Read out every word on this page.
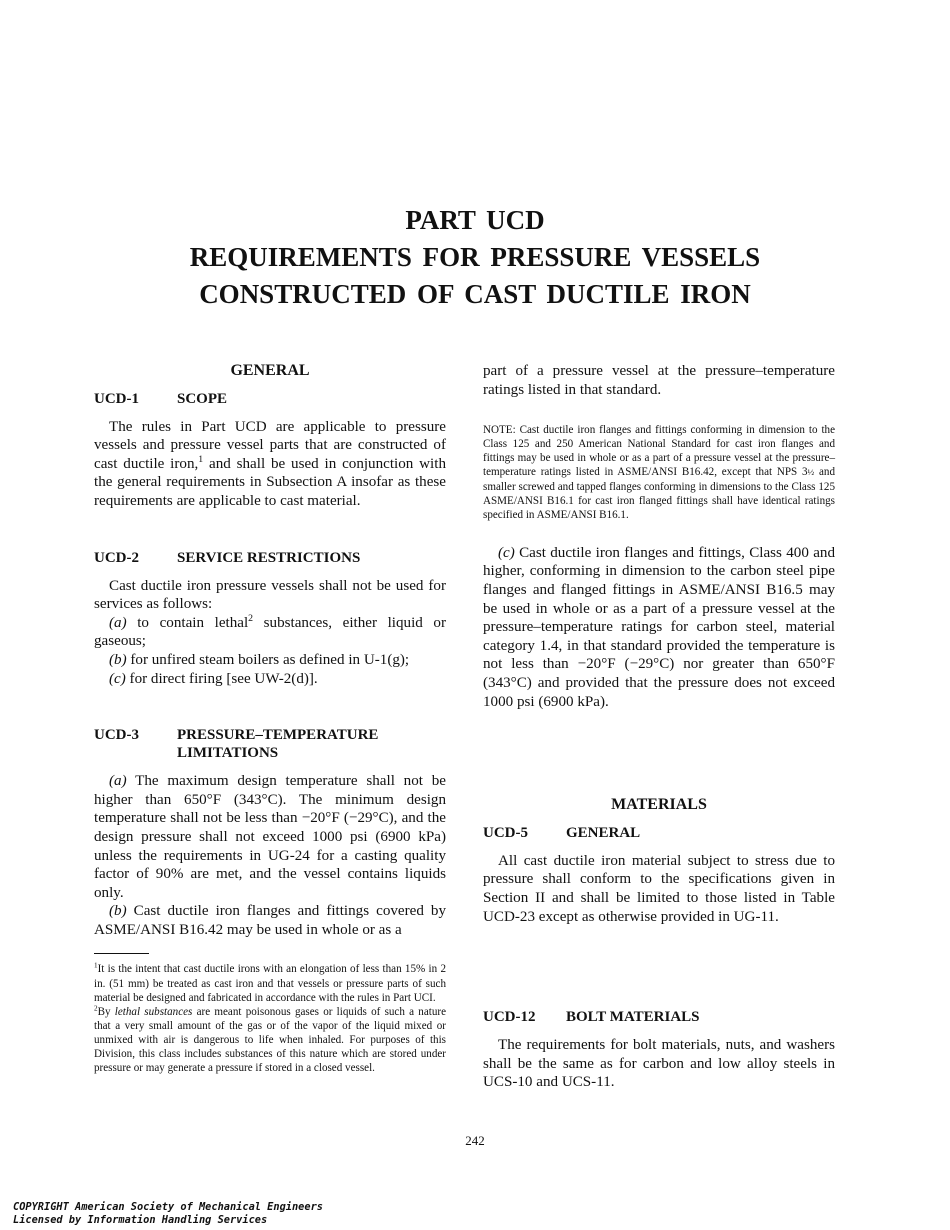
PART UCD
REQUIREMENTS FOR PRESSURE VESSELS
CONSTRUCTED OF CAST DUCTILE IRON
GENERAL
UCD-1	SCOPE

The rules in Part UCD are applicable to pressure vessels and pressure vessel parts that are constructed of cast ductile iron,$^1$ and shall be used in conjunction with the general requirements in Subsection A insofar as these requirements are applicable to cast material.

UCD-2	SERVICE RESTRICTIONS

Cast ductile iron pressure vessels shall not be used for services as follows:

(a) to contain lethal$^2$ substances, either liquid or gaseous;

(b) for unfired steam boilers as defined in U-1(g);

(c) for direct firing [see UW-2(d)].

UCD-3	PRESSURE–TEMPERATURE
LIMITATIONS

(a) The maximum design temperature shall not be higher than 650°F (343°C). The minimum design temperature shall not be less than −20°F (−29°C), and the design pressure shall not exceed 1000 psi (6900 kPa) unless the requirements in UG-24 for a casting quality factor of 90% are met, and the vessel contains liquids only.

(b) Cast ductile iron flanges and fittings covered by ASME/ANSI B16.42 may be used in whole or as a

$^1$It is the intent that cast ductile irons with an elongation of less than 15% in 2 in. (51 mm) be treated as cast iron and that vessels or pressure parts of such material be designed and fabricated in accordance with the rules in Part UCI.

$^2$By lethal substances are meant poisonous gases or liquids of such a nature that a very small amount of the gas or of the vapor of the liquid mixed or unmixed with air is dangerous to life when inhaled. For purposes of this Division, this class includes substances of this nature which are stored under pressure or may generate a pressure if stored in a closed vessel.

part of a pressure vessel at the pressure–temperature ratings listed in that standard.

NOTE: Cast ductile iron flanges and fittings conforming in dimension to the Class 125 and 250 American National Standard for cast iron flanges and fittings may be used in whole or as a part of a pressure vessel at the pressure–temperature ratings listed in ASME/ANSI B16.42, except that NPS 3½ and smaller screwed and tapped flanges conforming in dimensions to the Class 125 ASME/ANSI B16.1 for cast iron flanged fittings shall have identical ratings specified in ASME/ANSI B16.1.

(c) Cast ductile iron flanges and fittings, Class 400 and higher, conforming in dimension to the carbon steel pipe flanges and flanged fittings in ASME/ANSI B16.5 may be used in whole or as a part of a pressure vessel at the pressure–temperature ratings for carbon steel, material category 1.4, in that standard provided the temperature is not less than −20°F (−29°C) nor greater than 650°F (343°C) and provided that the pressure does not exceed 1000 psi (6900 kPa).

MATERIALS
UCD-5	GENERAL

All cast ductile iron material subject to stress due to pressure shall conform to the specifications given in Section II and shall be limited to those listed in Table UCD-23 except as otherwise provided in UG-11.

UCD-12	BOLT MATERIALS

The requirements for bolt materials, nuts, and washers shall be the same as for carbon and low alloy steels in UCS-10 and UCS-11.

242
COPYRIGHT American Society of Mechanical Engineers
Licensed by Information Handling Services
